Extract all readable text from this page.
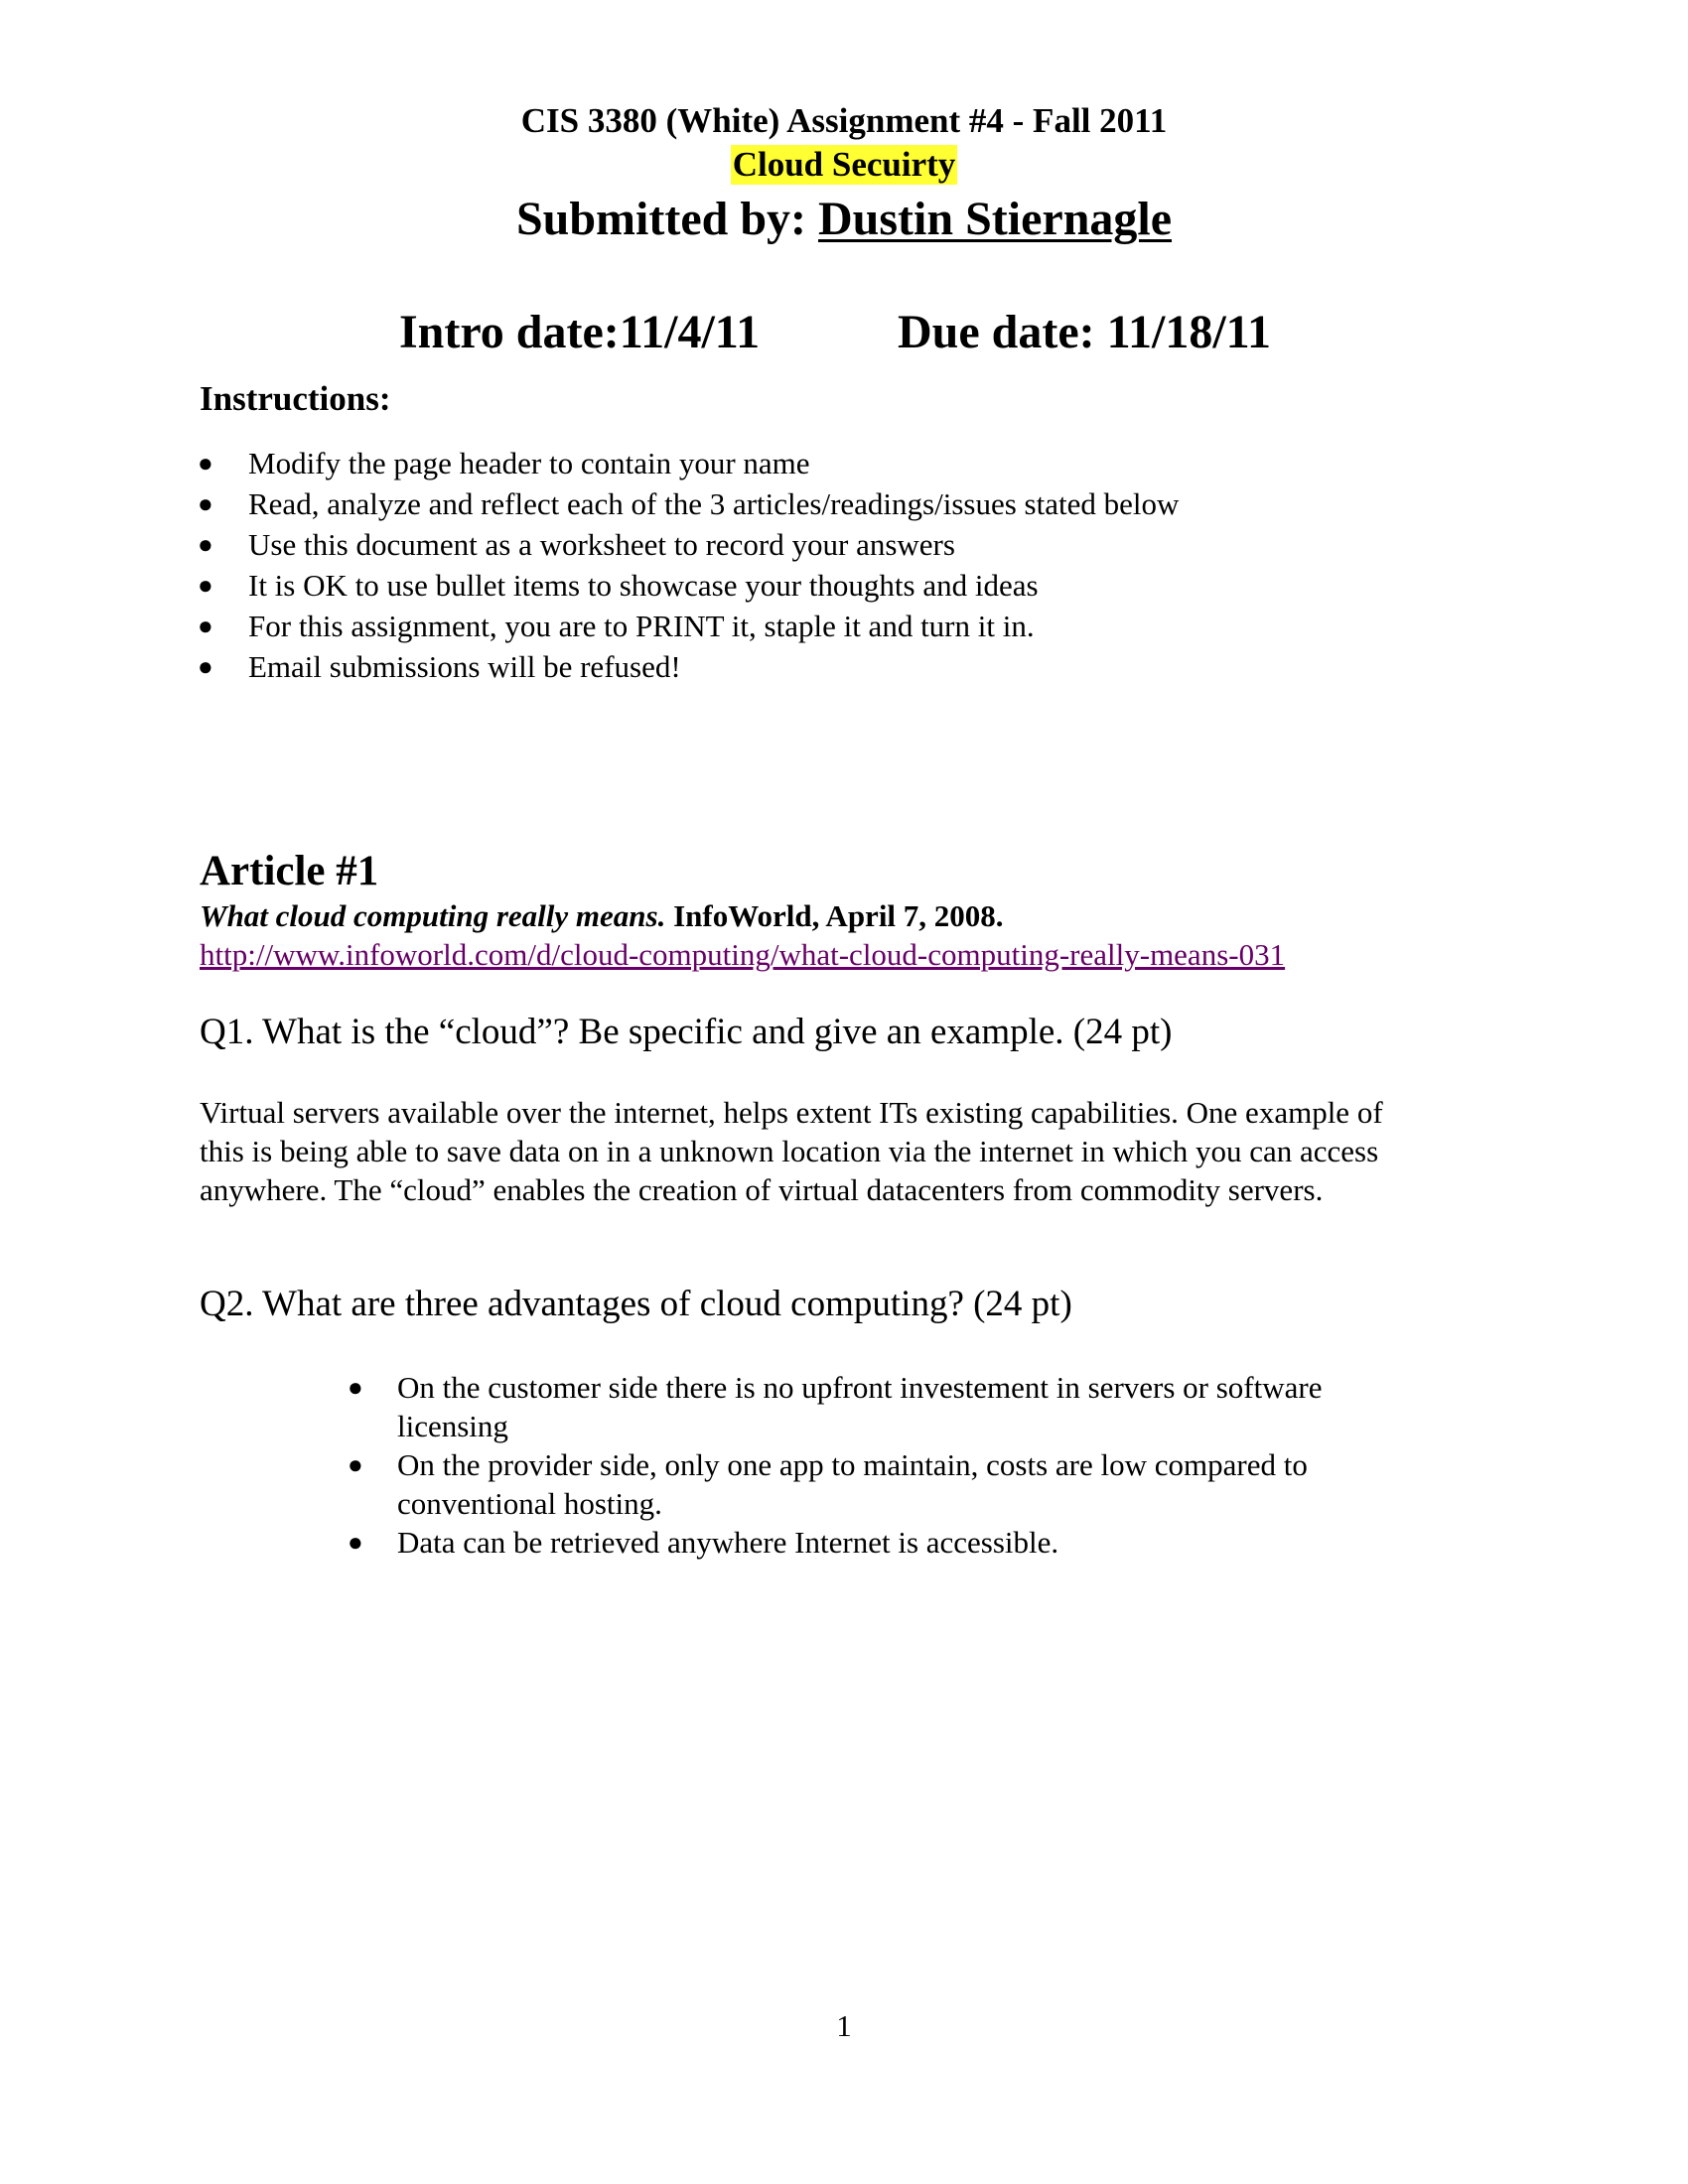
CIS 3380 (White) Assignment #4 - Fall 2011
Cloud Secuirty
Submitted by: Dustin Stiernagle
Intro date:11/4/11	Due date: 11/18/11
Instructions:
● Modify the page header to contain your name
● Read, analyze and reflect each of the 3 articles/readings/issues stated below
● Use this document as a worksheet to record your answers
● It is OK to use bullet items to showcase your thoughts and ideas
● For this assignment, you are to PRINT it, staple it and turn it in.
● Email submissions will be refused!
Article #1
What cloud computing really means. InfoWorld, April 7, 2008.
http://www.infoworld.com/d/cloud-computing/what-cloud-computing-really-means-031
Q1. What is the “cloud”? Be specific and give an example. (24 pt)
Virtual servers available over the internet, helps extent ITs existing capabilities. One example of
this is being able to save data on in a unknown location via the internet in which you can access
anywhere. The “cloud” enables the creation of virtual datacenters from commodity servers.
Q2. What are three advantages of cloud computing? (24 pt)
● On the customer side there is no upfront investement in servers or software
licensing
● On the provider side, only one app to maintain, costs are low compared to
conventional hosting.
● Data can be retrieved anywhere Internet is accessible.
1
